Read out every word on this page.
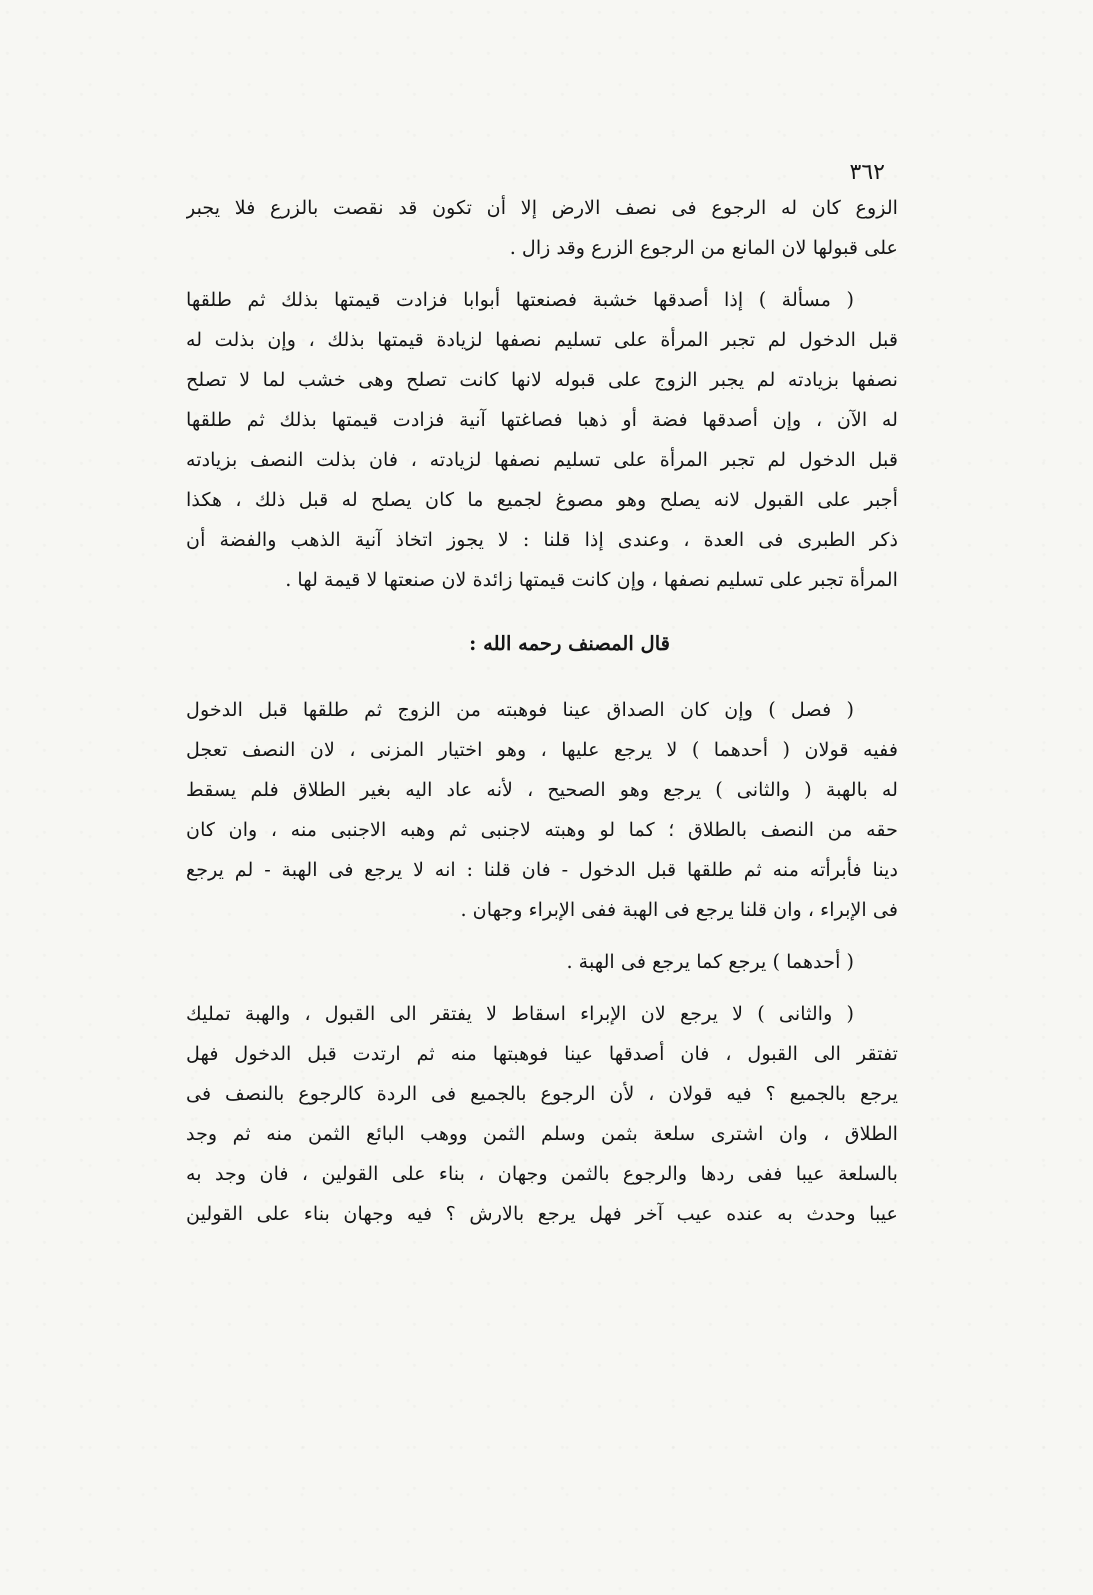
٣٦٢
الزوع كان له الرجوع فى نصف الارض إلا أن تكون قد نقصت بالزرع فلا يجبر
على قبولها لان المانع من الرجوع الزرع وقد زال .
( مسألة ) إذا أصدقها خشبة فصنعتها أبوابا فزادت قيمتها بذلك ثم طلقها
قبل الدخول لم تجبر المرأة على تسليم نصفها لزيادة قيمتها بذلك ، وإن بذلت له
نصفها بزيادته لم يجبر الزوج على قبوله لانها كانت تصلح وهى خشب لما لا تصلح
له الآن ، وإن أصدقها فضة أو ذهبا فصاغتها آنية فزادت قيمتها بذلك ثم طلقها
قبل الدخول لم تجبر المرأة على تسليم نصفها لزيادته ، فان بذلت النصف بزيادته
أجبر على القبول لانه يصلح وهو مصوغ لجميع ما كان يصلح له قبل ذلك ، هكذا
ذكر الطبرى فى العدة ، وعندى إذا قلنا : لا يجوز اتخاذ آنية الذهب والفضة أن
المرأة تجبر على تسليم نصفها ، وإن كانت قيمتها زائدة لان صنعتها لا قيمة لها .
قال المصنف رحمه الله :
( فصل ) وإن كان الصداق عينا فوهبته من الزوج ثم طلقها قبل الدخول
ففيه قولان ( أحدهما ) لا يرجع عليها ، وهو اختيار المزنى ، لان النصف تعجل
له بالهبة ( والثانى ) يرجع وهو الصحيح ، لأنه عاد اليه بغير الطلاق فلم يسقط
حقه من النصف بالطلاق ؛ كما لو وهبته لاجنبى ثم وهبه الاجنبى منه ، وان كان
دينا فأبرأته منه ثم طلقها قبل الدخول - فان قلنا : انه لا يرجع فى الهبة - لم يرجع
فى الإبراء ، وان قلنا يرجع فى الهبة ففى الإبراء وجهان .
( أحدهما ) يرجع كما يرجع فى الهبة .
( والثانى ) لا يرجع لان الإبراء اسقاط لا يفتقر الى القبول ، والهبة تمليك
تفتقر الى القبول ، فان أصدقها عينا فوهبتها منه ثم ارتدت قبل الدخول فهل
يرجع بالجميع ؟ فيه قولان ، لأن الرجوع بالجميع فى الردة كالرجوع بالنصف فى
الطلاق ، وان اشترى سلعة بثمن وسلم الثمن ووهب البائع الثمن منه ثم وجد
بالسلعة عيبا ففى ردها والرجوع بالثمن وجهان ، بناء على القولين ، فان وجد به
عيبا وحدث به عنده عيب آخر فهل يرجع بالارش ؟ فيه وجهان بناء على القولين
